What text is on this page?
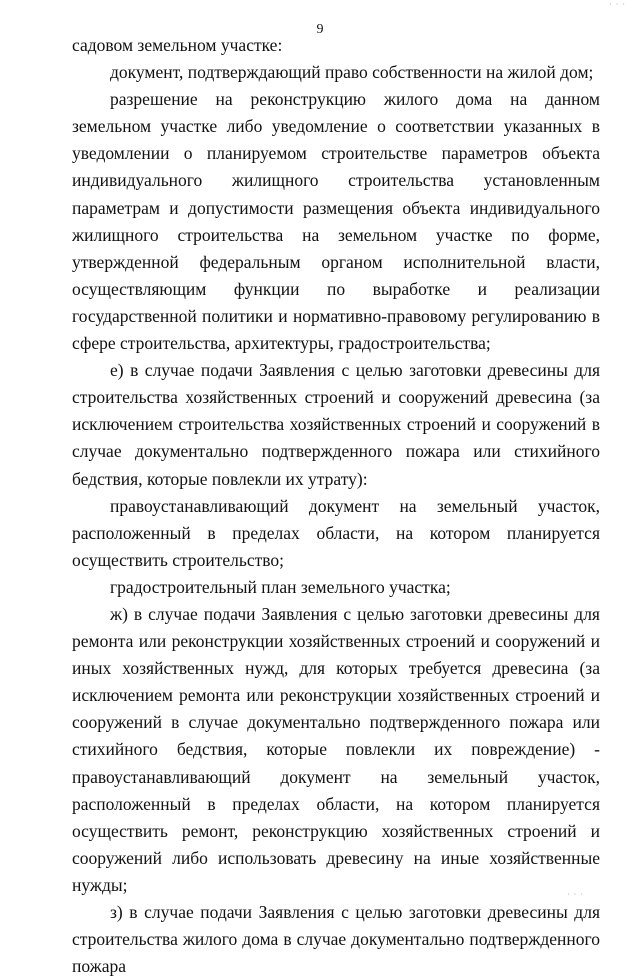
· · ·
9

садовом земельном участке:

документ, подтверждающий право собственности на жилой дом;

разрешение на реконструкцию жилого дома на данном земельном участке либо уведомление о соответствии указанных в уведомлении о планируемом строительстве параметров объекта индивидуального жилищного строительства установленным параметрам и допустимости размещения объекта индивидуального жилищного строительства на земельном участке по форме, утвержденной федеральным органом исполнительной власти, осуществляющим функции по выработке и реализации государственной политики и нормативно-правовому регулированию в сфере строительства, архитектуры, градостроительства;

е) в случае подачи Заявления с целью заготовки древесины для строительства хозяйственных строений и сооружений древесина (за исключением строительства хозяйственных строений и сооружений в случае документально подтвержденного пожара или стихийного бедствия, которые повлекли их утрату):

правоустанавливающий документ на земельный участок, расположенный в пределах области, на котором планируется осуществить строительство;

градостроительный план земельного участка;

ж) в случае подачи Заявления с целью заготовки древесины для ремонта или реконструкции хозяйственных строений и сооружений и иных хозяйственных нужд, для которых требуется древесина (за исключением ремонта или реконструкции хозяйственных строений и сооружений в случае документально подтвержденного пожара или стихийного бедствия, которые повлекли их повреждение) - правоустанавливающий документ на земельный участок, расположенный в пределах области, на котором планируется осуществить ремонт, реконструкцию хозяйственных строений и сооружений либо использовать древесину на иные хозяйственные нужды;

з) в случае подачи Заявления с целью заготовки древесины для строительства жилого дома в случае документально подтвержденного пожара

· · ·
